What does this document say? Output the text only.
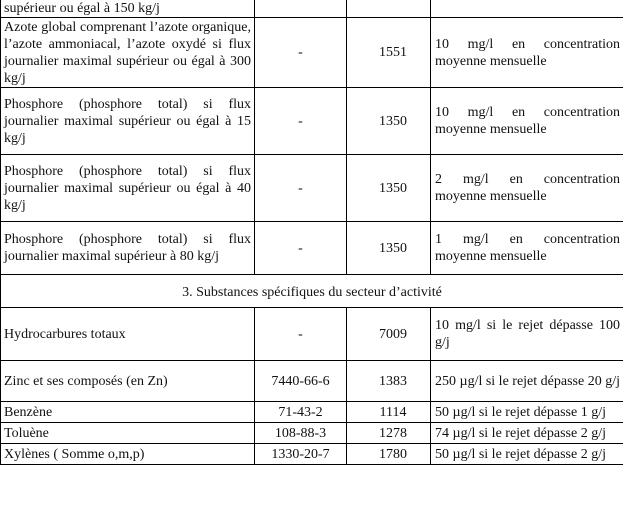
supérieur ou égal à 150 kg/j			
Azote global comprenant l’azote organique, l’azote ammoniacal, l’azote oxydé si flux journalier maximal supérieur ou égal à 300 kg/j	-	1551	10 mg/l en concentration moyenne mensuelle
Phosphore (phosphore total) si flux journalier maximal supérieur ou égal à 15 kg/j	-	1350	10 mg/l en concentration moyenne mensuelle
Phosphore (phosphore total) si flux journalier maximal supérieur ou égal à 40 kg/j	-	1350	2 mg/l en concentration moyenne mensuelle
Phosphore (phosphore total) si flux journalier maximal supérieur à 80 kg/j	-	1350	1 mg/l en concentration moyenne mensuelle
3. Substances spécifiques du secteur d’activité			
Hydrocarbures totaux	-	7009	10 mg/l si le rejet dépasse 100 g/j
Zinc et ses composés (en Zn)	7440-66-6	1383	250 µg/l si le rejet dépasse 20 g/j
Benzène	71-43-2	1114	50 µg/l si le rejet dépasse 1 g/j
Toluène	108-88-3	1278	74 µg/l si le rejet dépasse 2 g/j
Xylènes ( Somme o,m,p)	1330-20-7	1780	50 µg/l si le rejet dépasse 2 g/j
